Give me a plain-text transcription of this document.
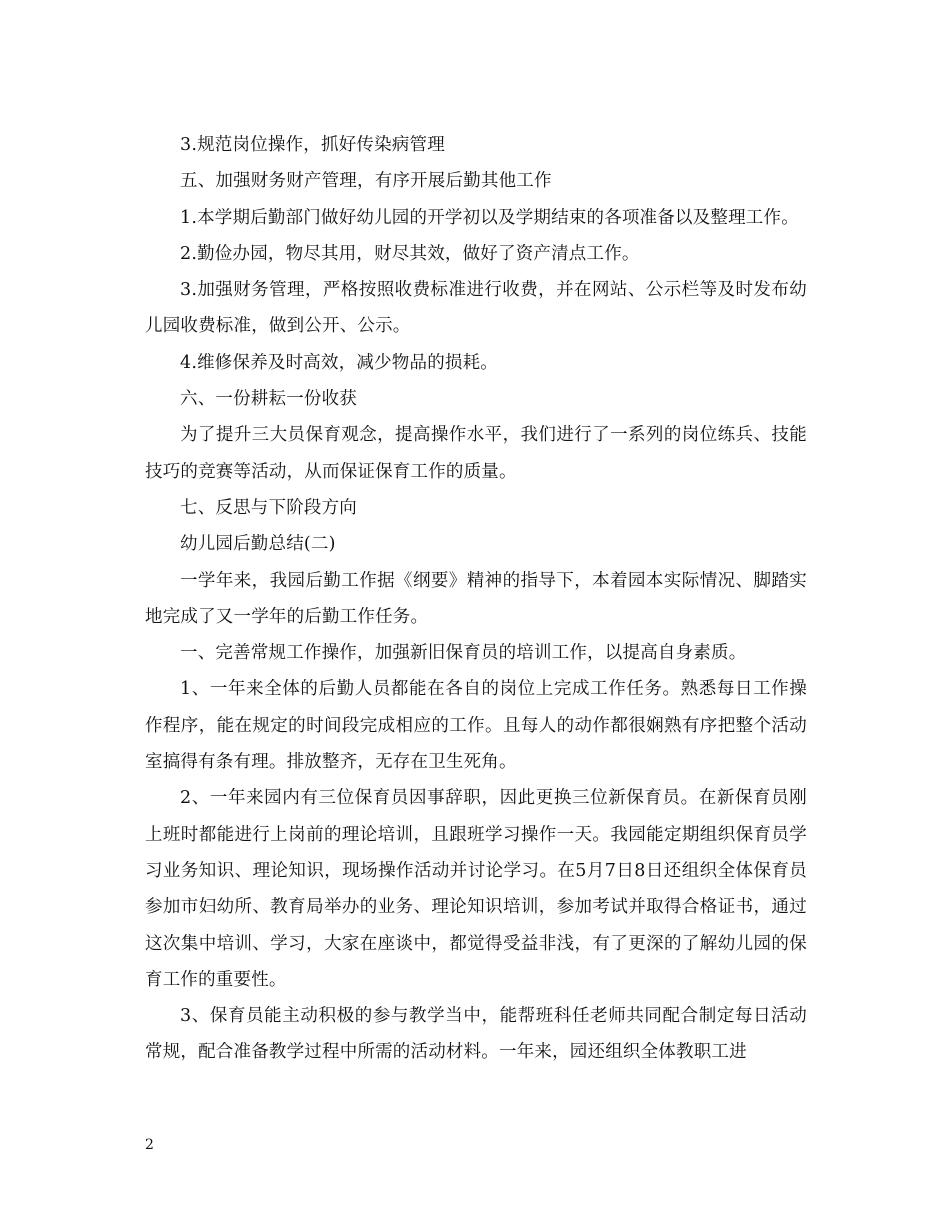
3.规范岗位操作，抓好传染病管理

五、加强财务财产管理，有序开展后勤其他工作

1.本学期后勤部门做好幼儿园的开学初以及学期结束的各项准备以及整理工作。

2.勤俭办园，物尽其用，财尽其效，做好了资产清点工作。

3.加强财务管理，严格按照收费标准进行收费，并在网站、公示栏等及时发布幼儿园收费标准，做到公开、公示。

4.维修保养及时高效，减少物品的损耗。

六、一份耕耘一份收获

为了提升三大员保育观念，提高操作水平，我们进行了一系列的岗位练兵、技能技巧的竞赛等活动，从而保证保育工作的质量。

七、反思与下阶段方向

幼儿园后勤总结(二)

一学年来，我园后勤工作据《纲要》精神的指导下，本着园本实际情况、脚踏实地完成了又一学年的后勤工作任务。

一、完善常规工作操作，加强新旧保育员的培训工作，以提高自身素质。

1、一年来全体的后勤人员都能在各自的岗位上完成工作任务。熟悉每日工作操作程序，能在规定的时间段完成相应的工作。且每人的动作都很娴熟有序把整个活动室搞得有条有理。排放整齐，无存在卫生死角。

2、一年来园内有三位保育员因事辞职，因此更换三位新保育员。在新保育员刚上班时都能进行上岗前的理论培训，且跟班学习操作一天。我园能定期组织保育员学习业务知识、理论知识，现场操作活动并讨论学习。在5月7日8日还组织全体保育员参加市妇幼所、教育局举办的业务、理论知识培训，参加考试并取得合格证书，通过这次集中培训、学习，大家在座谈中，都觉得受益非浅，有了更深的了解幼儿园的保育工作的重要性。

3、保育员能主动积极的参与教学当中，能帮班科任老师共同配合制定每日活动常规，配合准备教学过程中所需的活动材料。一年来，园还组织全体教职工进

2
